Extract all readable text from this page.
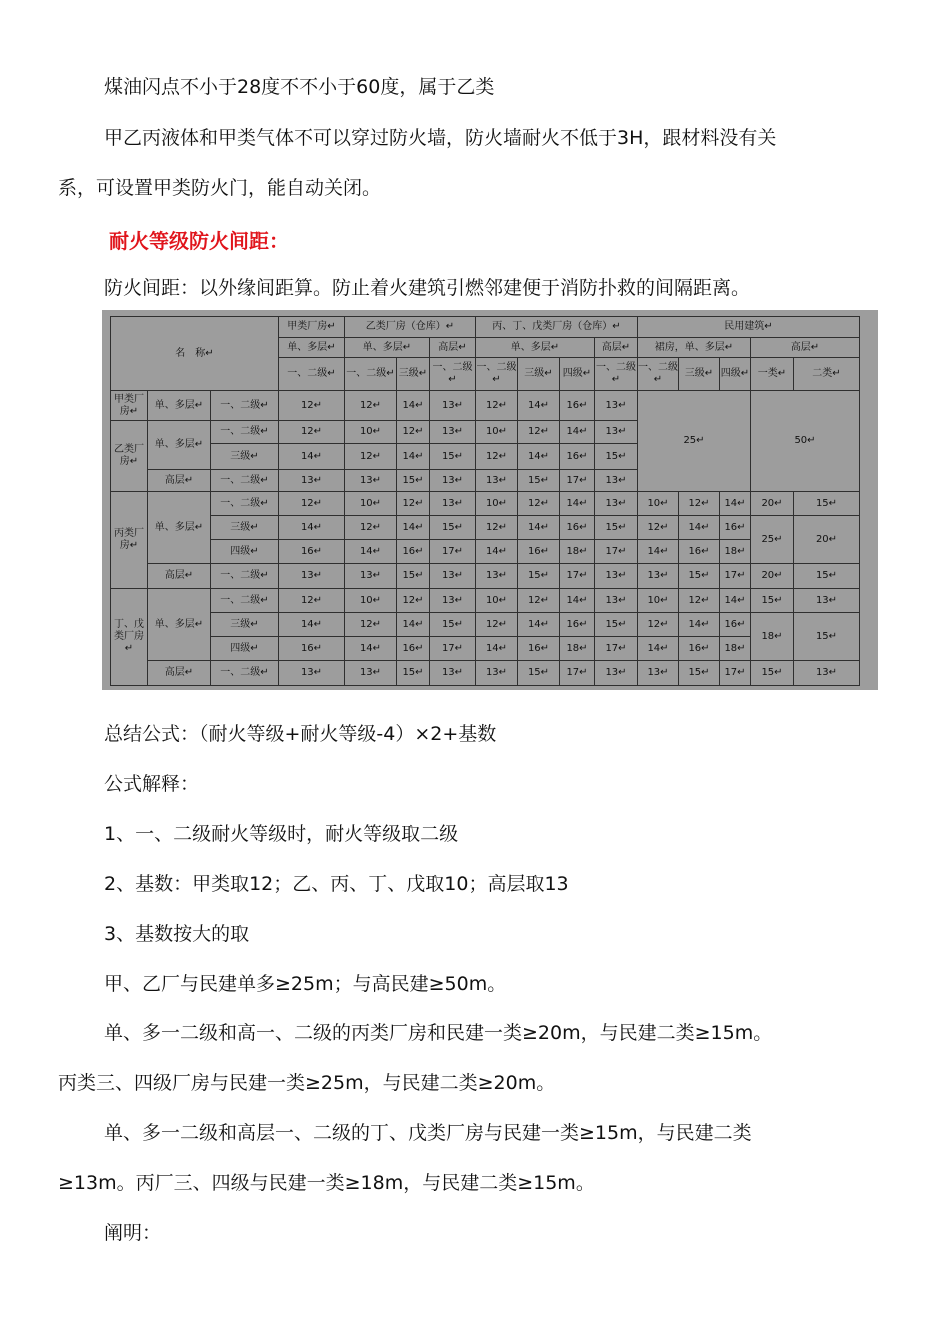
煤油闪点不小于28度不不小于60度，属于乙类
甲乙丙液体和甲类气体不可以穿过防火墙，防火墙耐火不低于3H，跟材料没有关
系，可设置甲类防火门，能自动关闭。
耐火等级防火间距：
防火间距：以外缘间距算。防止着火建筑引燃邻建便于消防扑救的间隔距离。
名　称↵			甲类厂房↵	乙类厂房（仓库）↵			丙、丁、戊类厂房（仓库）↵				民用建筑↵				
			单、多层↵	单、多层↵		高层↵	单、多层↵			高层↵	裙房，单、多层↵			高层↵	
			一、二级↵	一、二级↵	三级↵	一、二级↵	一、二级↵	三级↵	四级↵	一、二级↵	一、二级↵	三级↵	四级↵	一类↵	二类↵
甲类厂房↵	单、多层↵	一、二级↵	12↵	12↵	14↵	13↵	12↵	14↵	16↵	13↵	25↵			50↵	
乙类厂房↵	单、多层↵	一、二级↵	12↵	10↵	12↵	13↵	10↵	12↵	14↵	13↵					
		三级↵	14↵	12↵	14↵	15↵	12↵	14↵	16↵	15↵					
	高层↵	一、二级↵	13↵	13↵	15↵	13↵	13↵	15↵	17↵	13↵					
丙类厂房↵	单、多层↵	一、二级↵	12↵	10↵	12↵	13↵	10↵	12↵	14↵	13↵	10↵	12↵	14↵	20↵	15↵
		三级↵	14↵	12↵	14↵	15↵	12↵	14↵	16↵	15↵	12↵	14↵	16↵	25↵	20↵
		四级↵	16↵	14↵	16↵	17↵	14↵	16↵	18↵	17↵	14↵	16↵	18↵		
	高层↵	一、二级↵	13↵	13↵	15↵	13↵	13↵	15↵	17↵	13↵	13↵	15↵	17↵	20↵	15↵
丁、戊类厂房↵	单、多层↵	一、二级↵	12↵	10↵	12↵	13↵	10↵	12↵	14↵	13↵	10↵	12↵	14↵	15↵	13↵
		三级↵	14↵	12↵	14↵	15↵	12↵	14↵	16↵	15↵	12↵	14↵	16↵	18↵	15↵
		四级↵	16↵	14↵	16↵	17↵	14↵	16↵	18↵	17↵	14↵	16↵	18↵		
	高层↵	一、二级↵	13↵	13↵	15↵	13↵	13↵	15↵	17↵	13↵	13↵	15↵	17↵	15↵	13↵
总结公式：（耐火等级+耐火等级-4）×2+基数
公式解释：
1、一、二级耐火等级时，耐火等级取二级
2、基数：甲类取12；乙、丙、丁、戊取10；高层取13
3、基数按大的取
甲、乙厂与民建单多≥25m；与高民建≥50m。
单、多一二级和高一、二级的丙类厂房和民建一类≥20m，与民建二类≥15m。
丙类三、四级厂房与民建一类≥25m，与民建二类≥20m。
单、多一二级和高层一、二级的丁、戊类厂房与民建一类≥15m，与民建二类
≥13m。丙厂三、四级与民建一类≥18m，与民建二类≥15m。
阐明：
